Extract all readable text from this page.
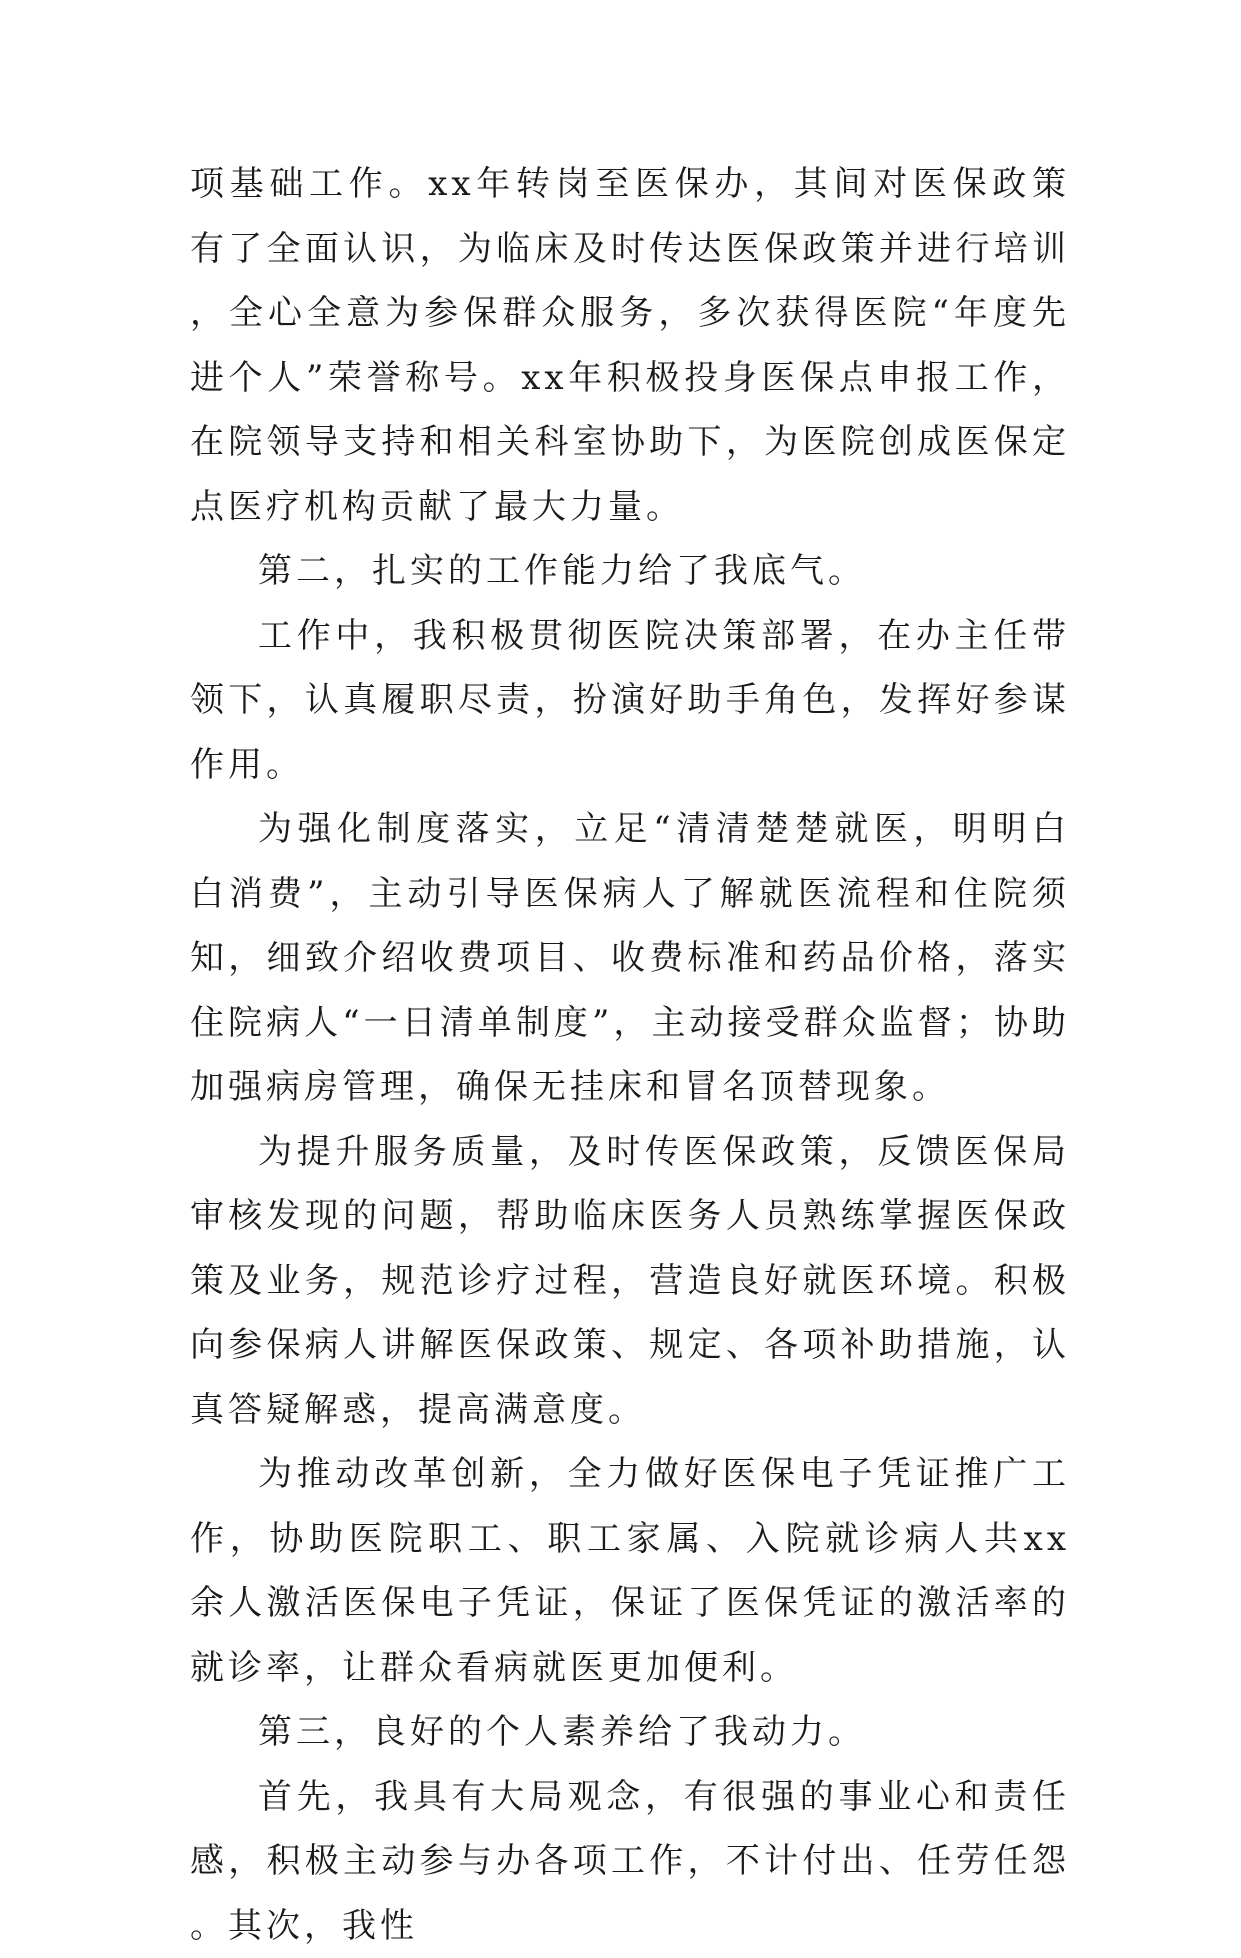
项基础工作。xx年转岗至医保办，其间对医保政策有了全面认识，为临床及时传达医保政策并进行培训，全心全意为参保群众服务，多次获得医院“年度先进个人”荣誉称号。xx年积极投身医保点申报工作，在院领导支持和相关科室协助下，为医院创成医保定点医疗机构贡献了最大力量。

第二，扎实的工作能力给了我底气。

工作中，我积极贯彻医院决策部署，在办主任带领下，认真履职尽责，扮演好助手角色，发挥好参谋作用。

为强化制度落实，立足“清清楚楚就医，明明白白消费”，主动引导医保病人了解就医流程和住院须知，细致介绍收费项目、收费标准和药品价格，落实住院病人“一日清单制度”，主动接受群众监督；协助加强病房管理，确保无挂床和冒名顶替现象。

为提升服务质量，及时传医保政策，反馈医保局审核发现的问题，帮助临床医务人员熟练掌握医保政策及业务，规范诊疗过程，营造良好就医环境。积极向参保病人讲解医保政策、规定、各项补助措施，认真答疑解惑，提高满意度。

为推动改革创新，全力做好医保电子凭证推广工作，协助医院职工、职工家属、入院就诊病人共xx余人激活医保电子凭证，保证了医保凭证的激活率的就诊率，让群众看病就医更加便利。

第三，良好的个人素养给了我动力。

首先，我具有大局观念，有很强的事业心和责任感，积极主动参与办各项工作，不计付出、任劳任怨。其次，我性
